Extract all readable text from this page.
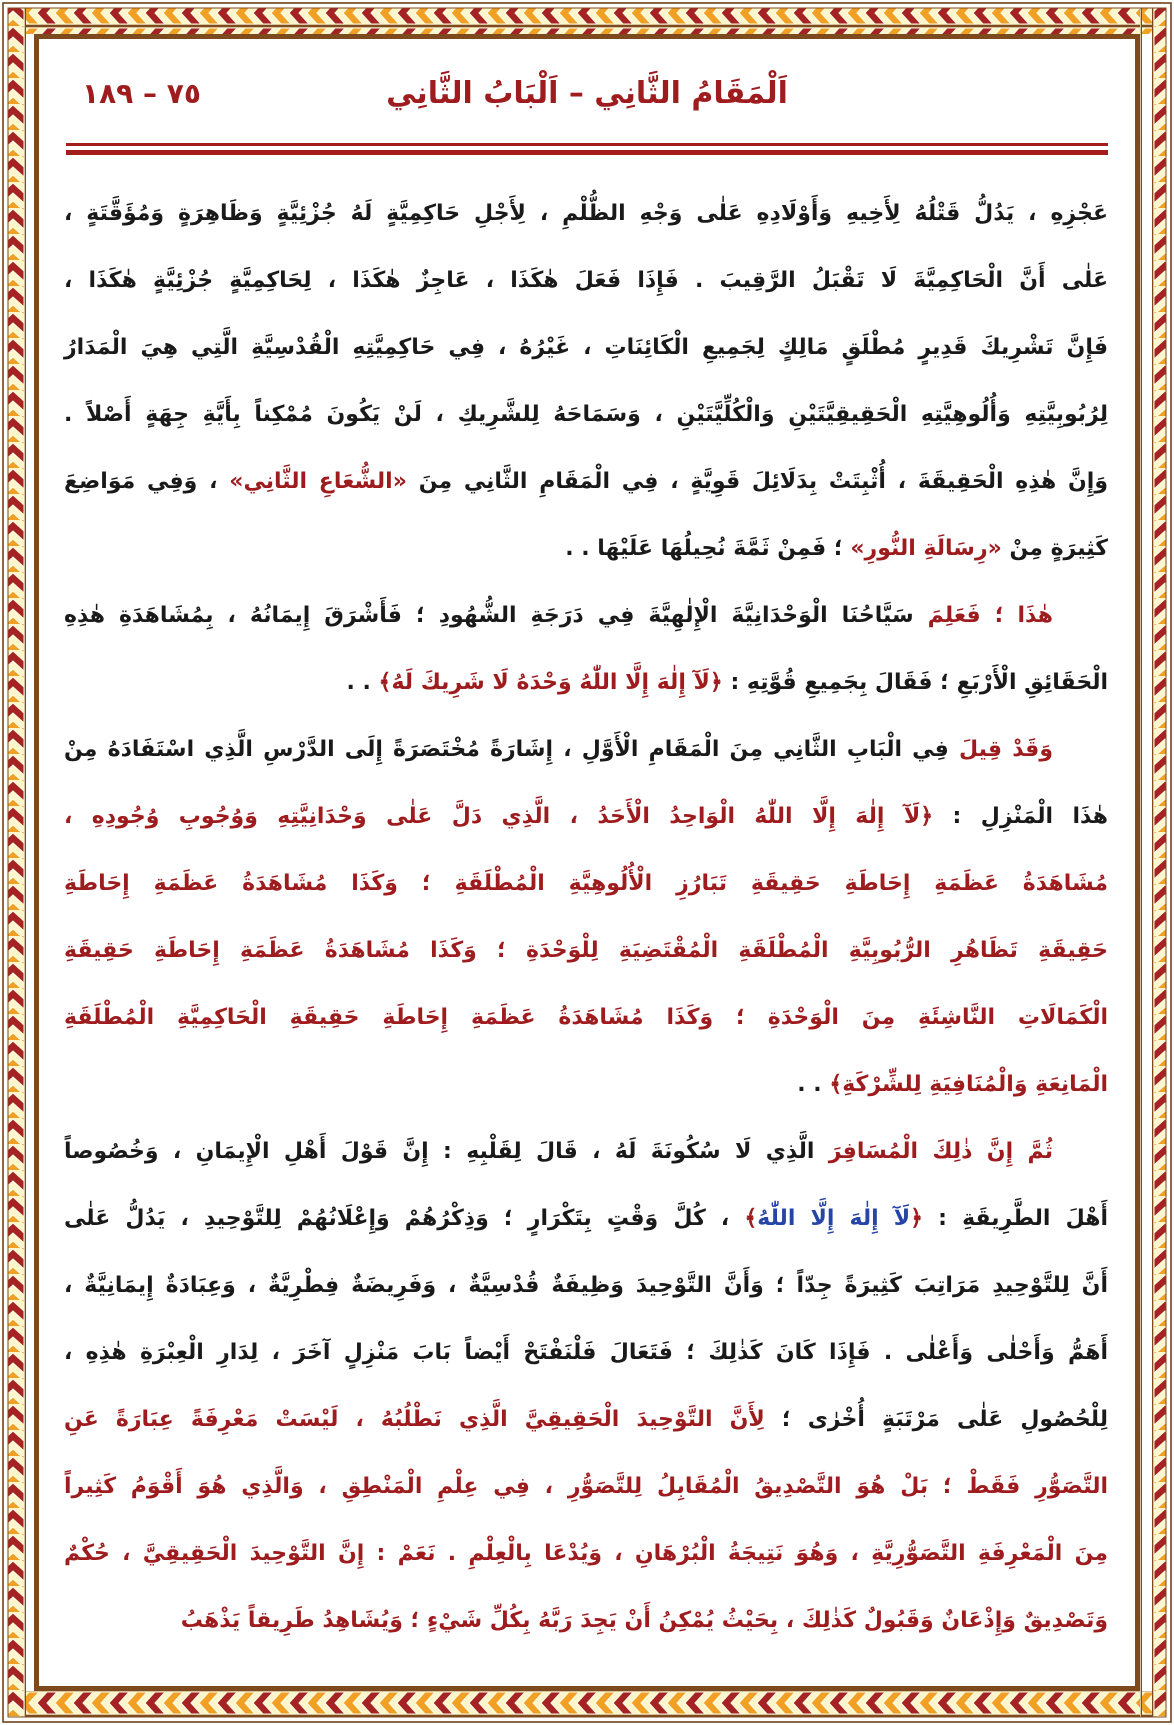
٧٥ – ١٨٩	اَلْمَقَامُ الثَّانِي – اَلْبَابُ الثَّانِي
عَجْزِهِ ، يَدُلُّ قَتْلُهُ لِأَخِيهِ وَأَوْلَادِهِ عَلٰى وَجْهِ الظُّلْمِ ، لِأَجْلِ حَاكِمِيَّةٍ لَهُ جُزْئِيَّةٍ وَظَاهِرَةٍ وَمُؤَقَّتَةٍ ،
عَلٰى أَنَّ الْحَاكِمِيَّةَ لَا تَقْبَلُ الرَّقِيبَ . فَإِذَا فَعَلَ هٰكَذَا ، عَاجِزٌ هٰكَذَا ، لِحَاكِمِيَّةٍ جُزْئِيَّةٍ هٰكَذَا ،
فَإِنَّ تَشْرِيكَ قَدِيرٍ مُطْلَقٍ مَالِكٍ لِجَمِيعِ الْكَائِنَاتِ ، غَيْرُهُ ، فِي حَاكِمِيَّتِهِ الْقُدْسِيَّةِ الَّتِي هِيَ الْمَدَارُ
لِرُبُوبِيَّتِهِ وَأُلُوهِيَّتِهِ الْحَقِيقِيَّتَيْنِ وَالْكُلِّيَّتَيْنِ ، وَسَمَاحَهُ لِلشَّرِيكِ ، لَنْ يَكُونَ مُمْكِناً بِأَيَّةِ جِهَةٍ أَصْلاً .
وَإِنَّ هٰذِهِ الْحَقِيقَةَ ، أُثْبِتَتْ بِدَلَائِلَ قَوِيَّةٍ ، فِي الْمَقَامِ الثَّانِي مِنَ «الشُّعَاعِ الثَّانِي» ، وَفِي مَوَاضِعَ
كَثِيرَةٍ مِنْ «رِسَالَةِ النُّورِ» ؛ فَمِنْ ثَمَّةَ نُحِيلُهَا عَلَيْهَا . .
هٰذَا ؛ فَعَلِمَ سَيَّاحُنَا الْوَحْدَانِيَّةَ الْإِلٰهِيَّةَ فِي دَرَجَةِ الشُّهُودِ ؛ فَأَشْرَقَ إِيمَانُهُ ، بِمُشَاهَدَةِ هٰذِهِ
الْحَقَائِقِ الْأَرْبَعِ ؛ فَقَالَ بِجَمِيعِ قُوَّتِهِ : ﴿لَآ إِلٰهَ إِلَّا اللّٰهُ وَحْدَهُ لَا شَرِيكَ لَهُ﴾ . .
وَقَدْ قِيلَ فِي الْبَابِ الثَّانِي مِنَ الْمَقَامِ الْأَوَّلِ ، إِشَارَةً مُخْتَصَرَةً إِلَى الدَّرْسِ الَّذِي اسْتَفَادَهُ مِنْ
هٰذَا الْمَنْزِلِ : ﴿لَآ إِلٰهَ إِلَّا اللّٰهُ الْوَاحِدُ الْأَحَدُ ، الَّذِي دَلَّ عَلٰى وَحْدَانِيَّتِهِ وَوُجُوبِ وُجُودِهِ ،
مُشَاهَدَةُ عَظَمَةِ إِحَاطَةِ حَقِيقَةِ تَبَارُزِ الْأُلُوهِيَّةِ الْمُطْلَقَةِ ؛ وَكَذَا مُشَاهَدَةُ عَظَمَةِ إِحَاطَةِ
حَقِيقَةِ تَظَاهُرِ الرُّبُوبِيَّةِ الْمُطْلَقَةِ الْمُقْتَضِيَةِ لِلْوَحْدَةِ ؛ وَكَذَا مُشَاهَدَةُ عَظَمَةِ إِحَاطَةِ حَقِيقَةِ
الْكَمَالَاتِ النَّاشِئَةِ مِنَ الْوَحْدَةِ ؛ وَكَذَا مُشَاهَدَةُ عَظَمَةِ إِحَاطَةِ حَقِيقَةِ الْحَاكِمِيَّةِ الْمُطْلَقَةِ
الْمَانِعَةِ وَالْمُنَافِيَةِ لِلشِّرْكَةِ﴾ . .
ثُمَّ إِنَّ ذٰلِكَ الْمُسَافِرَ الَّذِي لَا سُكُونَةَ لَهُ ، قَالَ لِقَلْبِهِ : إِنَّ قَوْلَ أَهْلِ الْإِيمَانِ ، وَخُصُوصاً
أَهْلَ الطَّرِيقَةِ : ﴿لَآ إِلٰهَ إِلَّا اللّٰهُ﴾ ، كُلَّ وَقْتٍ بِتَكْرَارٍ ؛ وَذِكْرُهُمْ وَإِعْلَانُهُمْ لِلتَّوْحِيدِ ، يَدُلُّ عَلٰى
أَنَّ لِلتَّوْحِيدِ مَرَاتِبَ كَثِيرَةً جِدّاً ؛ وَأَنَّ التَّوْحِيدَ وَظِيفَةٌ قُدْسِيَّةٌ ، وَفَرِيضَةٌ فِطْرِيَّةٌ ، وَعِبَادَةٌ إِيمَانِيَّةٌ ،
أَهَمُّ وَأَحْلٰى وَأَعْلٰى . فَإِذَا كَانَ كَذٰلِكَ ؛ فَتَعَالَ فَلْنَفْتَحْ أَيْضاً بَابَ مَنْزِلٍ آخَرَ ، لِدَارِ الْعِبْرَةِ هٰذِهِ ،
لِلْحُصُولِ عَلٰى مَرْتَبَةٍ أُخْرٰى ؛ لِأَنَّ التَّوْحِيدَ الْحَقِيقِيَّ الَّذِي نَطْلُبُهُ ، لَيْسَتْ مَعْرِفَةً عِبَارَةً عَنِ
التَّصَوُّرِ فَقَطْ ؛ بَلْ هُوَ التَّصْدِيقُ الْمُقَابِلُ لِلتَّصَوُّرِ ، فِي عِلْمِ الْمَنْطِقِ ، وَالَّذِي هُوَ أَقْوَمُ كَثِيراً
مِنَ الْمَعْرِفَةِ التَّصَوُّرِيَّةِ ، وَهُوَ نَتِيجَةُ الْبُرْهَانِ ، وَيُدْعَا بِالْعِلْمِ . نَعَمْ : إِنَّ التَّوْحِيدَ الْحَقِيقِيَّ ، حُكْمٌ
وَتَصْدِيقٌ وَإِذْعَانٌ وَقَبُولٌ كَذٰلِكَ ، بِحَيْثُ يُمْكِنُ أَنْ يَجِدَ رَبَّهُ بِكُلِّ شَيْءٍ ؛ وَيُشَاهِدُ طَرِيقاً يَذْهَبُ
